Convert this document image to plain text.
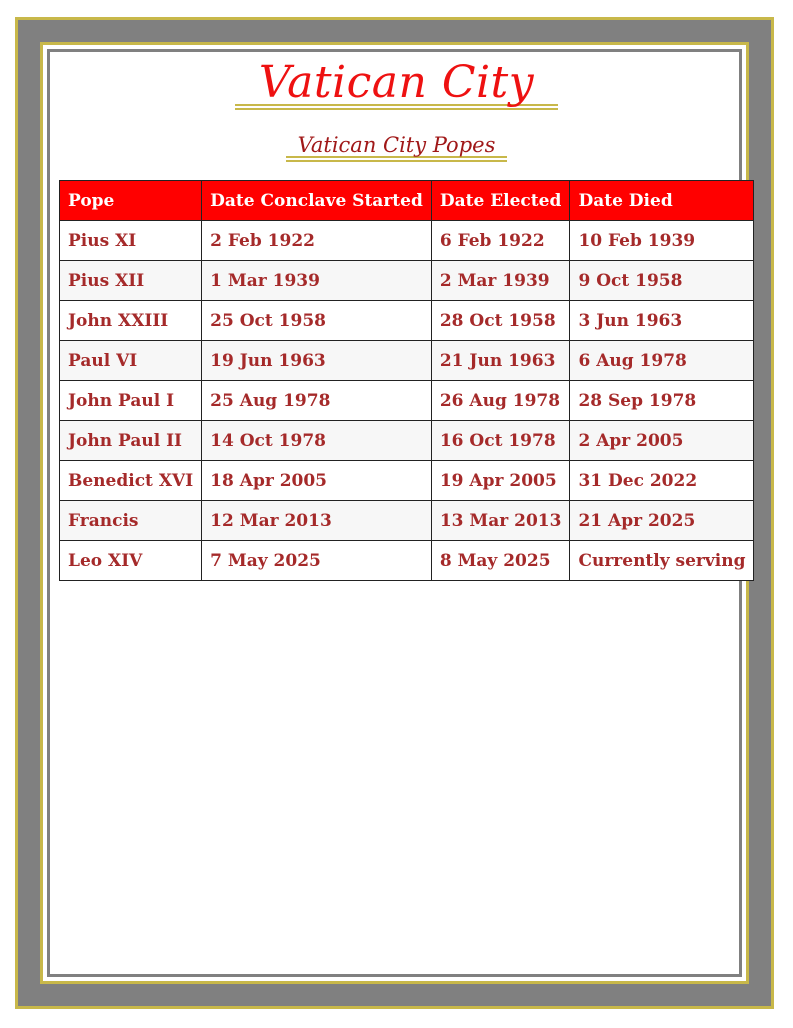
Vatican City
Vatican City Popes
Pope	Date Conclave Started	Date Elected	Date Died
Pius XI	2 Feb 1922	6 Feb 1922	10 Feb 1939
Pius XII	1 Mar 1939	2 Mar 1939	9 Oct 1958
John XXIII	25 Oct 1958	28 Oct 1958	3 Jun 1963
Paul VI	19 Jun 1963	21 Jun 1963	6 Aug 1978
John Paul I	25 Aug 1978	26 Aug 1978	28 Sep 1978
John Paul II	14 Oct 1978	16 Oct 1978	2 Apr 2005
Benedict XVI	18 Apr 2005	19 Apr 2005	31 Dec 2022
Francis	12 Mar 2013	13 Mar 2013	21 Apr 2025
Leo XIV	7 May 2025	8 May 2025	Currently serving
